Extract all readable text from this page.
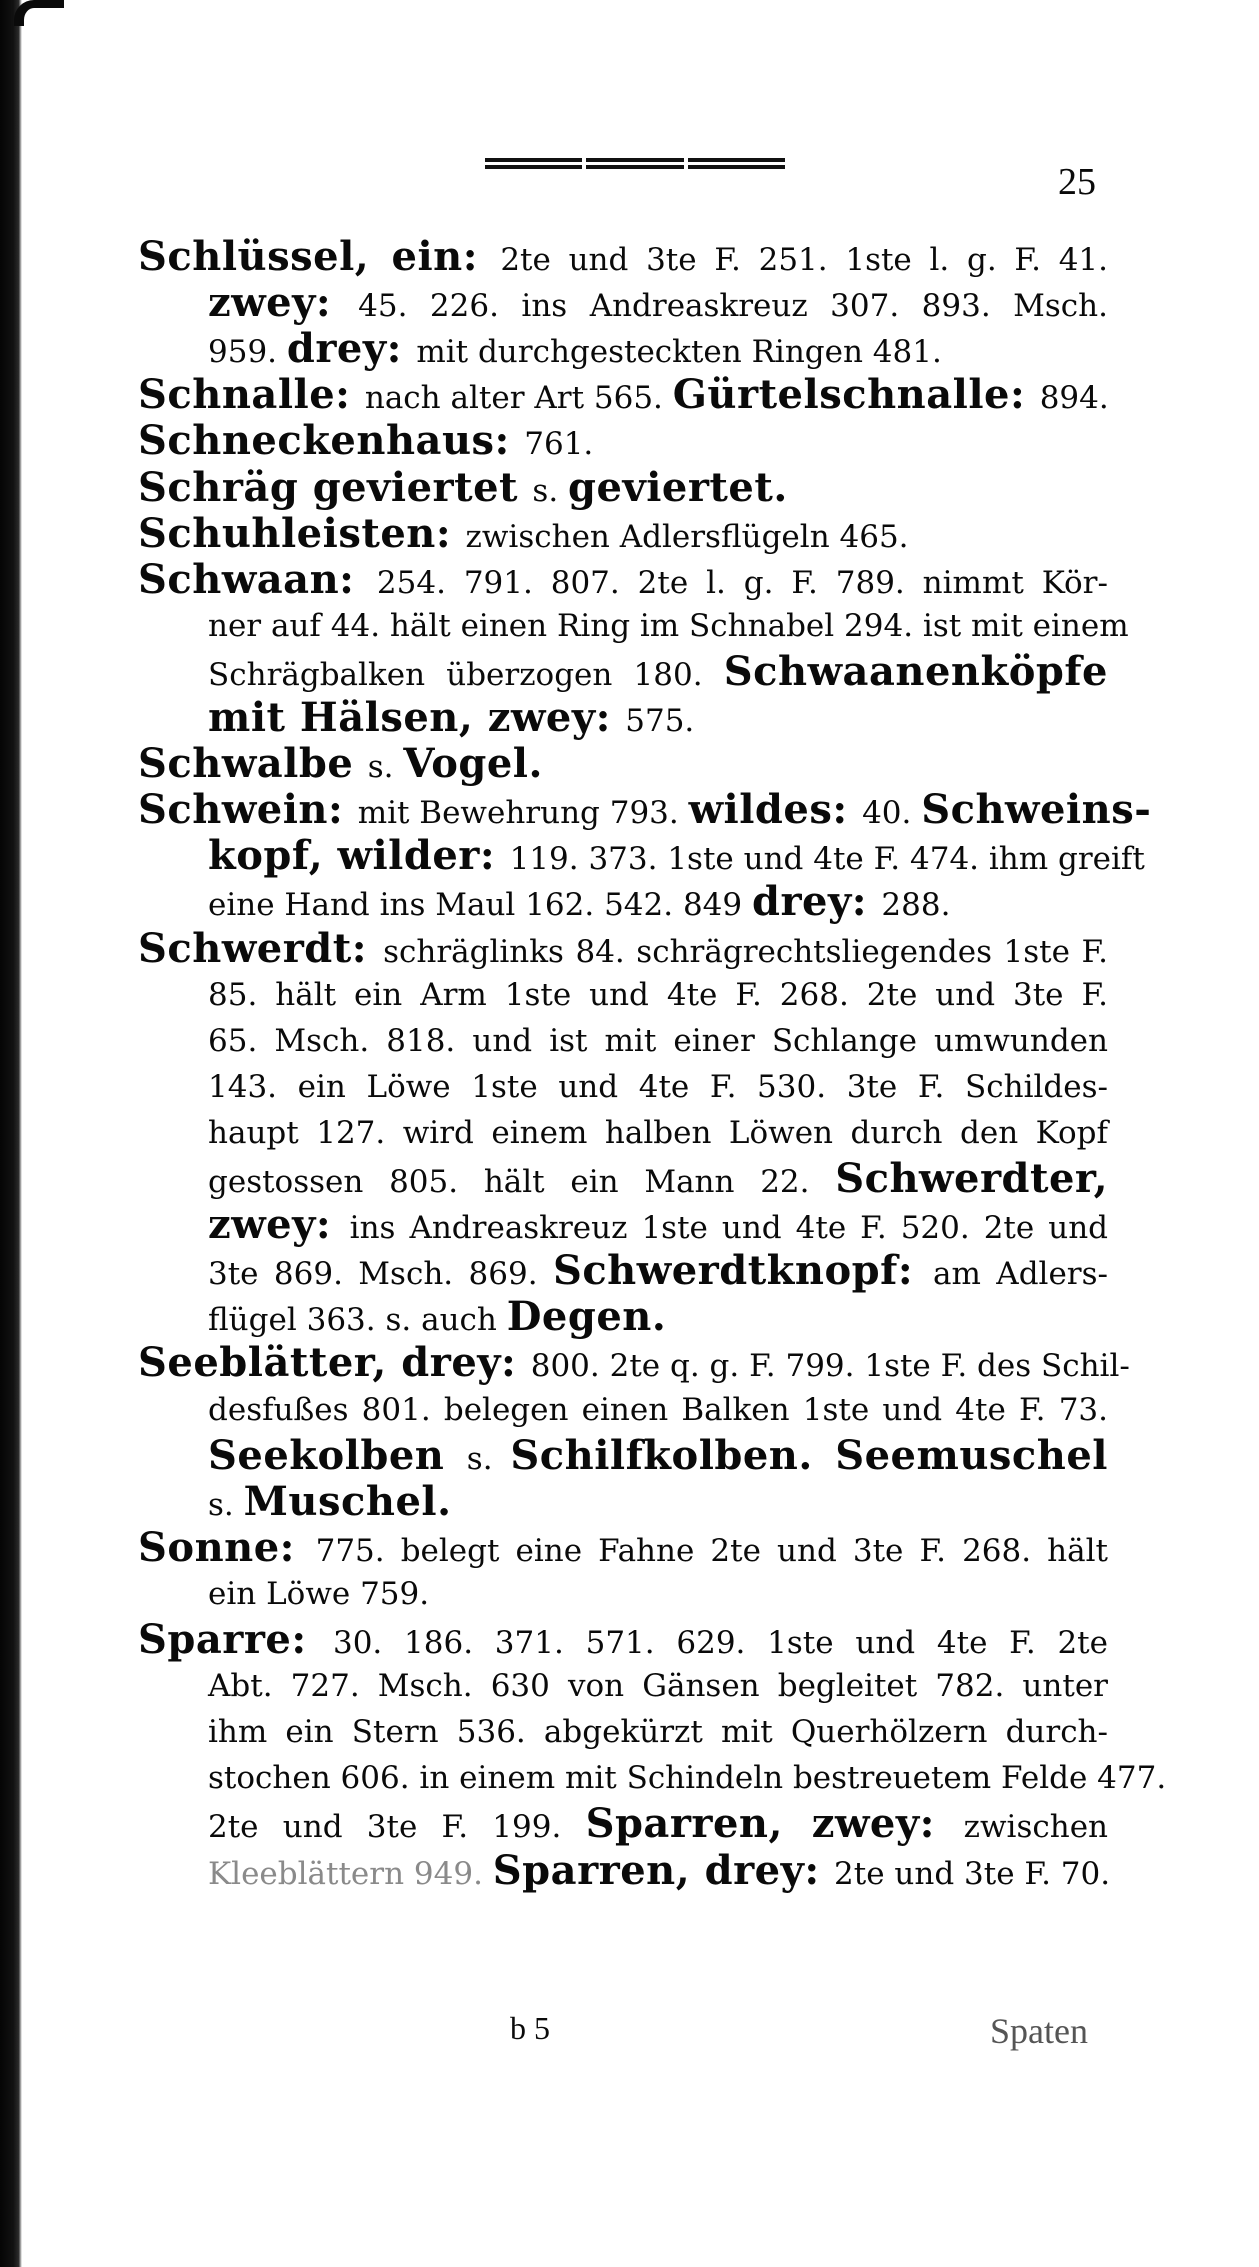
25
Schlüssel, ein: 2te und 3te F. 251. 1ste l. g. F. 41.
zwey: 45. 226. ins Andreaskreuz 307. 893. Msch.
959. drey: mit durchgesteckten Ringen 481.
Schnalle: nach alter Art 565. Gürtelschnalle: 894.
Schneckenhaus: 761.
Schräg geviertet s. geviertet.
Schuhleisten: zwischen Adlersflügeln 465.
Schwaan: 254. 791. 807. 2te l. g. F. 789. nimmt Kör-
ner auf 44. hält einen Ring im Schnabel 294. ist mit einem
Schrägbalken überzogen 180. Schwaanenköpfe
mit Hälsen, zwey: 575.
Schwalbe s. Vogel.
Schwein: mit Bewehrung 793. wildes: 40. Schweins-
kopf, wilder: 119. 373. 1ste und 4te F. 474. ihm greift
eine Hand ins Maul 162. 542. 849 drey: 288.
Schwerdt: schräglinks 84. schrägrechtsliegendes 1ste F.
85. hält ein Arm 1ste und 4te F. 268. 2te und 3te F.
65. Msch. 818. und ist mit einer Schlange umwunden
143. ein Löwe 1ste und 4te F. 530. 3te F. Schildes-
haupt 127. wird einem halben Löwen durch den Kopf
gestossen 805. hält ein Mann 22. Schwerdter,
zwey: ins Andreaskreuz 1ste und 4te F. 520. 2te und
3te 869. Msch. 869. Schwerdtknopf: am Adlers-
flügel 363. s. auch Degen.
Seeblätter, drey: 800. 2te q. g. F. 799. 1ste F. des Schil-
desfußes 801. belegen einen Balken 1ste und 4te F. 73.
Seekolben s. Schilfkolben. Seemuschel
s. Muschel.
Sonne: 775. belegt eine Fahne 2te und 3te F. 268. hält
ein Löwe 759.
Sparre: 30. 186. 371. 571. 629. 1ste und 4te F. 2te
Abt. 727. Msch. 630 von Gänsen begleitet 782. unter
ihm ein Stern 536. abgekürzt mit Querhölzern durch-
stochen 606. in einem mit Schindeln bestreuetem Felde 477.
2te und 3te F. 199. Sparren, zwey: zwischen
Kleeblättern 949. Sparren, drey: 2te und 3te F. 70.
b 5	Spaten
